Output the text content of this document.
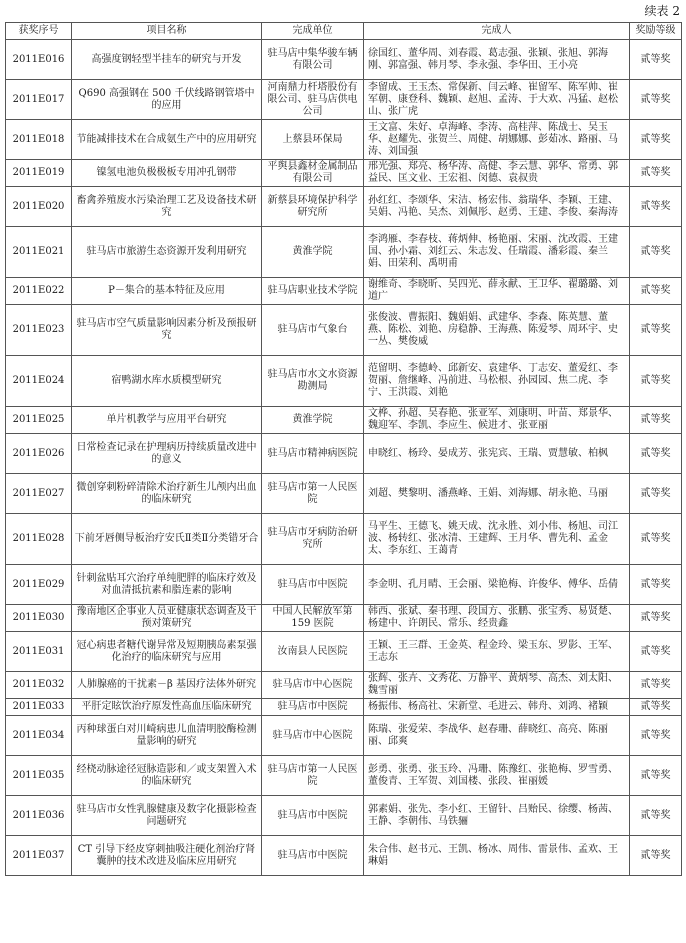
续表 2
获奖序号	项目名称	完成单位	完成人	奖励等级
2011E016	高强度钢轻型半挂车的研究与开发	驻马店中集华骏车辆有限公司	徐国红、董华周、刘春霞、葛志强、张颖、张旭、郭海刚、郭富强、韩月琴、李永强、李华田、王小亮	贰等奖
2011E017	Q690 高强钢在 500 千伏线路钢管塔中的应用	河南鼎力杆塔股份有限公司、驻马店供电公司	李留成、王玉杰、常保新、闫云峰、崔留军、陈军帅、崔军朝、康登科、魏颖、赵旭、孟涛、于大欢、冯猛、赵松山、张广虎	贰等奖
2011E018	节能减排技术在合成氨生产中的应用研究	上蔡县环保局	王文富、朱好、卓海峰、李涛、高桂萍、陈战士、吴玉华、赵耀先、张贺兰、周健、胡娜娜、彭茹冰、路丽、马涛、刘国强	贰等奖
2011E019	镍氢电池负极极板专用冲孔钢带	平舆县鑫材金属制品有限公司	邢光强、郑亮、杨华涛、高健、李云慧、郭华、常勇、郭益民、匡文业、王宏祖、闵德、袁叔贵	贰等奖
2011E020	畜禽养殖废水污染治理工艺及设备技术研究	新蔡县环境保护科学研究所	孙红红、李颂华、宋洁、杨宏伟、翁瑞华、李颖、王建、吴娟、冯艳、吴杰、刘佩彤、赵勇、王建、李俊、秦海涛	贰等奖
2011E021	驻马店市旅游生态资源开发利用研究	黄淮学院	李鸿雁、李春枝、蒋炳伸、杨艳丽、宋丽、沈改霞、王建国、孙小霜、刘红云、朱志发、任瑞霞、潘彩霞、秦兰娟、田荣利、禹明甫	贰等奖
2011E022	P－集合的基本特征及应用	驻马店职业技术学院	谢维奇、李晓昕、吴四光、薛永献、王卫华、翟璐璐、刘道广	贰等奖
2011E023	驻马店市空气质量影响因素分析及预报研究	驻马店市气象台	张俊波、曹振阳、魏娟娟、武建华、李森、陈英慧、董燕、陈松、刘艳、房稳静、王海燕、陈爱琴、周环宇、史一丛、樊俊威	贰等奖
2011E024	宿鸭湖水库水质模型研究	驻马店市水文水资源勘测局	范留明、李德岭、邱新安、袁建华、丁志安、董爱红、李贺丽、詹继峰、冯前进、马松根、孙园园、焦二虎、李宁、王洪霞、刘艳	贰等奖
2011E025	单片机教学与应用平台研究	黄淮学院	文桦、孙超、吴春艳、张亚军、刘康明、叶苗、郑景华、魏迎军、李凯、李应生、候进才、张亚丽	贰等奖
2011E026	日常检查记录在护理病历持续质量改进中的意义	驻马店市精神病医院	申晓红、杨玲、晏成芳、张宪宾、王瑞、贾慧敏、柏枫	贰等奖
2011E027	微创穿刺粉碎清除术治疗新生儿颅内出血的临床研究	驻马店市第一人民医院	刘超、樊黎明、潘燕峰、王娟、刘海娜、胡永艳、马丽	贰等奖
2011E028	下前牙唇侧导板治疗安氏Ⅱ类Ⅱ分类错牙合	驻马店市牙病防治研究所	马平生、王德飞、姚天成、沈永胜、刘小伟、杨旭、司江波、杨转红、张冰清、王建辉、王月华、曹先利、孟金太、李东红、王蔼青	贰等奖
2011E029	针刺盆贴耳穴治疗单纯肥胖的临床疗效及对血清抵抗素和脂连素的影响	驻马店市中医院	李金明、孔月晴、王会丽、梁艳梅、许俊华、傅华、岳倩	贰等奖
2011E030	豫南地区企事业人员亚健康状态调查及干预对策研究	中国人民解放军第 159 医院	韩西、张斌、秦书理、段国方、张鹏、张宝秀、易贤楚、杨建中、许朗民、常乐、经贵鑫	贰等奖
2011E031	冠心病患者糖代谢异常及短期胰岛素泵强化治疗的临床研究与应用	汝南县人民医院	王颖、王三群、王金英、程金玲、梁玉东、罗影、王军、王志东	贰等奖
2011E032	人肺腺癌的干扰素－β 基因疗法体外研究	驻马店市中心医院	张辉、张卉、文秀花、万静平、黄炳琴、高杰、刘太阳、魏雪丽	贰等奖
2011E033	平肝定眩饮治疗原发性高血压临床研究	驻马店市中医院	杨振伟、杨高社、宋新堂、毛进云、韩舟、刘鸿、褚颖	贰等奖
2011E034	丙种球蛋白对川崎病患儿血清明胶酶检测量影响的研究	驻马店市中心医院	陈瑞、张爱荣、李战华、赵春珊、薛晓红、高亮、陈丽丽、邱爽	贰等奖
2011E035	经桡动脉途径冠脉造影和／或支架置入术的临床研究	驻马店市第一人民医院	彭勇、张勇、张玉玲、冯珊、陈豫红、张艳梅、罗雪勇、董俊青、王军贺、刘国楼、张段、崔丽媛	贰等奖
2011E036	驻马店市女性乳腺健康及数字化摄影检查问题研究	驻马店市中医院	郭素娟、张先、李小红、王留针、吕贻民、徐缨、杨茜、王静、李朝伟、马铁骊	贰等奖
2011E037	CT 引导下经皮穿刺抽吸注硬化剂治疗肾囊肿的技术改进及临床应用研究	驻马店市中医院	朱合伟、赵书元、王凯、杨冰、周伟、雷景伟、孟欢、王琳娟	贰等奖
